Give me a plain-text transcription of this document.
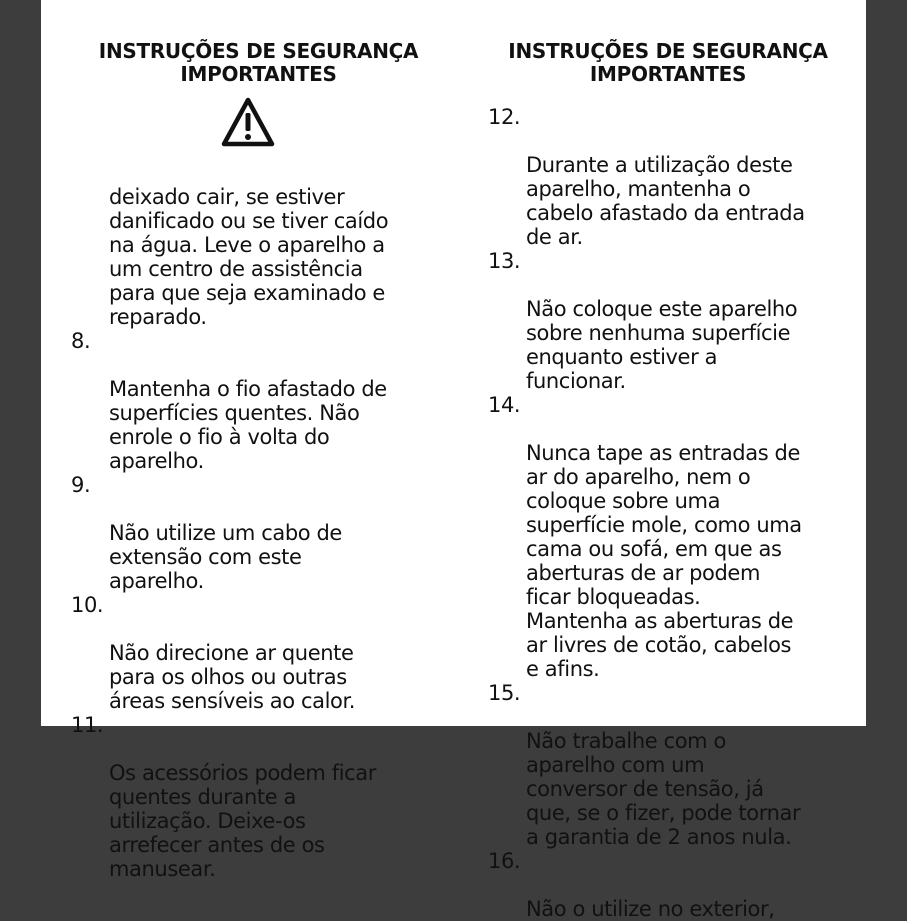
INSTRUÇÕES DE SEGURANÇA
IMPORTANTES
deixado cair, se estiver
danificado ou se tiver caído
na água. Leve o aparelho a
um centro de assistência
para que seja examinado e
reparado.

8.

Mantenha o fio afastado de
superfícies quentes. Não
enrole o fio à volta do
aparelho.

9.

Não utilize um cabo de
extensão com este
aparelho.

10.

Não direcione ar quente
para os olhos ou outras
áreas sensíveis ao calor.

11.

Os acessórios podem ficar
quentes durante a
utilização. Deixe-os
arrefecer antes de os
manusear.

INSTRUÇÕES DE SEGURANÇA
IMPORTANTES

12.

Durante a utilização deste
aparelho, mantenha o
cabelo afastado da entrada
de ar.

13.

Não coloque este aparelho
sobre nenhuma superfície
enquanto estiver a
funcionar.

14.

Nunca tape as entradas de
ar do aparelho, nem o
coloque sobre uma
superfície mole, como uma
cama ou sofá, em que as
aberturas de ar podem
ficar bloqueadas.
Mantenha as aberturas de
ar livres de cotão, cabelos
e afins.

15.

Não trabalhe com o
aparelho com um
conversor de tensão, já
que, se o fizer, pode tornar
a garantia de 2 anos nula.

16.

Não o utilize no exterior,
